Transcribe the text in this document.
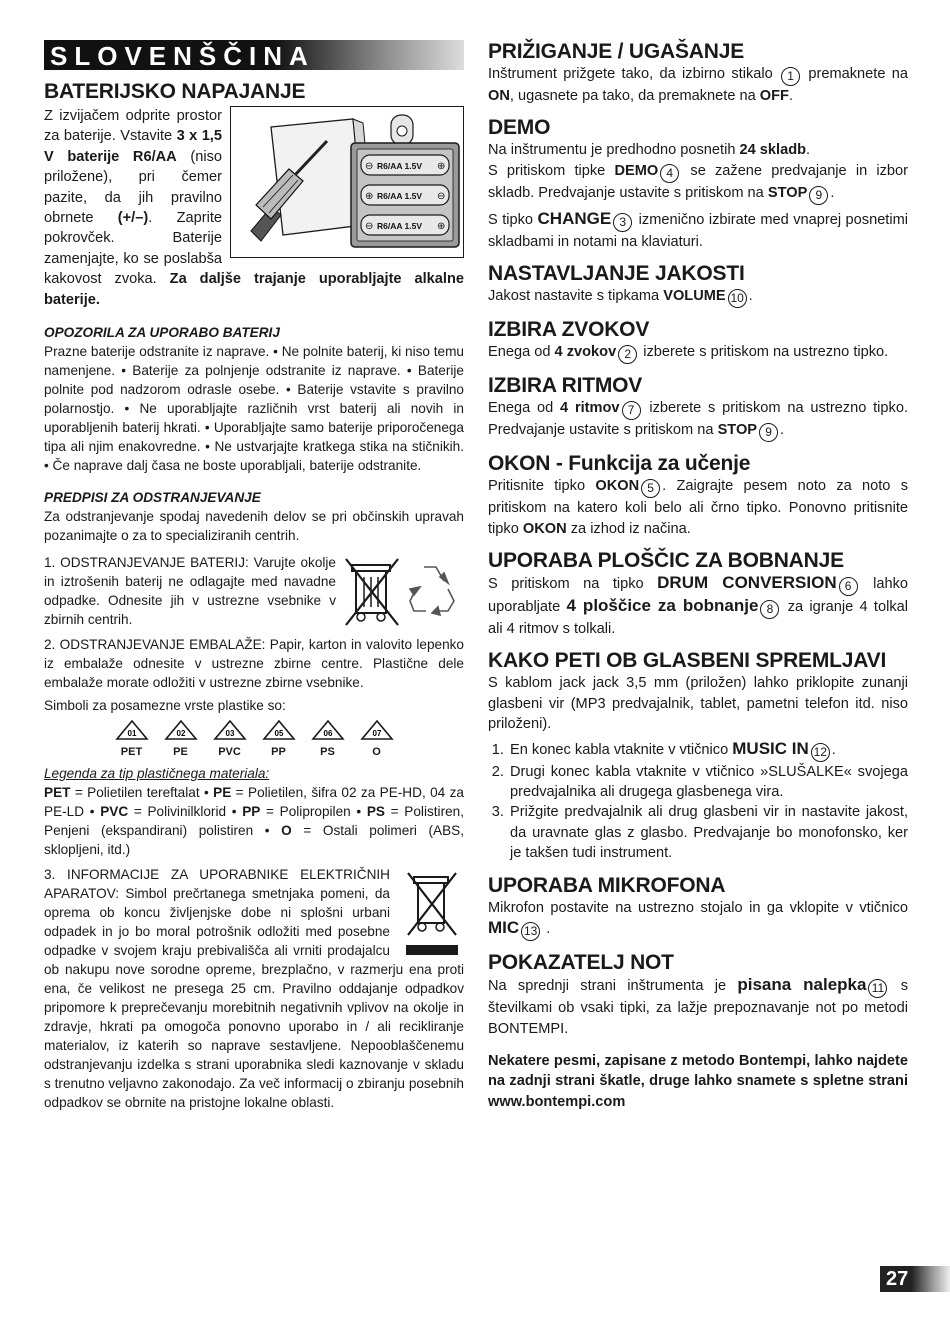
SLOVENŠČINA
BATERIJSKO NAPAJANJE
⊖ R6/AA 1.5V ⊕
⊕ R6/AA 1.5V ⊖
⊖ R6/AA 1.5V ⊕

Z izvijačem odprite prostor za baterije. Vstavite 3 x 1,5 V baterije R6/AA (niso priložene), pri čemer pazite, da jih pravilno obrnete (+/–). Zaprite pokrovček. Baterije zamenjajte, ko se poslabša kakovost zvoka. Za daljše trajanje uporabljajte alkalne baterije.

OPOZORILA ZA UPORABO BATERIJ

Prazne baterije odstranite iz naprave. • Ne polnite baterij, ki niso temu namenjene. • Baterije za polnjenje odstranite iz naprave. • Baterije polnite pod nadzorom odrasle osebe. • Baterije vstavite s pravilno polarnostjo. • Ne uporabljajte različnih vrst baterij ali novih in uporabljenih baterij hkrati. • Uporabljajte samo baterije priporočenega tipa ali njim enakovredne. • Ne ustvarjajte kratkega stika na stičnikih. • Če naprave dalj časa ne boste uporabljali, baterije odstranite.

PREDPISI ZA ODSTRANJEVANJE

Za odstranjevanje spodaj navedenih delov se pri občinskih upravah pozanimajte o za to specializiranih centrih.

1. ODSTRANJEVANJE BATERIJ: Varujte okolje in iztrošenih baterij ne odlagajte med navadne odpadke. Odnesite jih v ustrezne vsebnike v zbirnih centrih.

2. ODSTRANJEVANJE EMBALAŽE: Papir, karton in valovito lepenko iz embalaže odnesite v ustrezne zbirne centre. Plastične dele embalaže morate odložiti v ustrezne zbirne vsebnike.

Simboli za posamezne vrste plastike so:

01
PET
02
PE
03
PVC
05
PP
06
PS
07
O

Legenda za tip plastičnega materiala:

PET = Polietilen tereftalat • PE = Polietilen, šifra 02 za PE-HD, 04 za PE-LD • PVC = Polivinilklorid • PP = Polipropilen • PS = Polistiren, Penjeni (ekspandirani) polistiren • O = Ostali polimeri (ABS, sklopljeni, itd.)

3. INFORMACIJE ZA UPORABNIKE ELEKTRIČNIH APARATOV: Simbol prečrtanega smetnjaka pomeni, da oprema ob koncu življenjske dobe ni splošni urbani odpadek in jo bo moral potrošnik odložiti med posebne odpadke v svojem kraju prebivališča ali vrniti prodajalcu ob nakupu nove sorodne opreme, brezplačno, v razmerju ena proti ena, če velikost ne presega 25 cm. Pravilno oddajanje odpadkov pripomore k preprečevanju morebitnih negativnih vplivov na okolje in zdravje, hkrati pa omogoča ponovno uporabo in / ali recikliranje materialov, iz katerih so naprave sestavljene. Nepooblaščenemu odstranjevanju izdelka s strani uporabnika sledi kaznovanje v skladu s trenutno veljavno zakonodajo. Za več informacij o zbiranju posebnih odpadkov se obrnite na pristojne lokalne oblasti.

PRIŽIGANJE / UGAŠANJE

Inštrument prižgete tako, da izbirno stikalo 1 premaknete na ON, ugasnete pa tako, da premaknete na OFF.

DEMO

Na inštrumentu je predhodno posnetih 24 skladb.

S pritiskom tipke DEMO 4 se zažene predvajanje in izbor skladb. Predvajanje ustavite s pritiskom na STOP 9 .

S tipko CHANGE 3 izmenično izbirate med vnaprej posnetimi skladbami in notami na klaviaturi.

NASTAVLJANJE JAKOSTI

Jakost nastavite s tipkama VOLUME 10 .

IZBIRA ZVOKOV

Enega od 4 zvokov 2 izberete s pritiskom na ustrezno tipko.

IZBIRA RITMOV

Enega od 4 ritmov 7 izberete s pritiskom na ustrezno tipko. Predvajanje ustavite s pritiskom na STOP 9 .

OKON - Funkcija za učenje

Pritisnite tipko OKON 5 . Zaigrajte pesem noto za noto s pritiskom na katero koli belo ali črno tipko. Ponovno pritisnite tipko OKON za izhod iz načina.

UPORABA PLOŠČIC ZA BOBNANJE

S pritiskom na tipko DRUM CONVERSION 6 lahko uporabljate 4 ploščice za bobnanje 8 za igranje 4 tolkal ali 4 ritmov s tolkali.

KAKO PETI OB GLASBENI SPREMLJAVI

S kablom jack jack 3,5 mm (priložen) lahko priklopite zunanji glasbeni vir (MP3 predvajalnik, tablet, pametni telefon itd. niso priloženi).

1. En konec kabla vtaknite v vtičnico MUSIC IN 12 .
2. Drugi konec kabla vtaknite v vtičnico »SLUŠALKE« svojega predvajalnika ali drugega glasbenega vira.
3. Prižgite predvajalnik ali drug glasbeni vir in nastavite jakost, da uravnate glas z glasbo. Predvajanje bo monofonsko, ker je takšen tudi instrument.
UPORABA MIKROFONA

Mikrofon postavite na ustrezno stojalo in ga vklopite v vtičnico MIC 13 .

POKAZATELJ NOT

Na sprednji strani inštrumenta je pisana nalepka 11 s številkami ob vsaki tipki, za lažje prepoznavanje not po metodi BONTEMPI.

Nekatere pesmi, zapisane z metodo Bontempi, lahko najdete na zadnji strani škatle, druge lahko snamete s spletne strani www.bontempi.com

27
